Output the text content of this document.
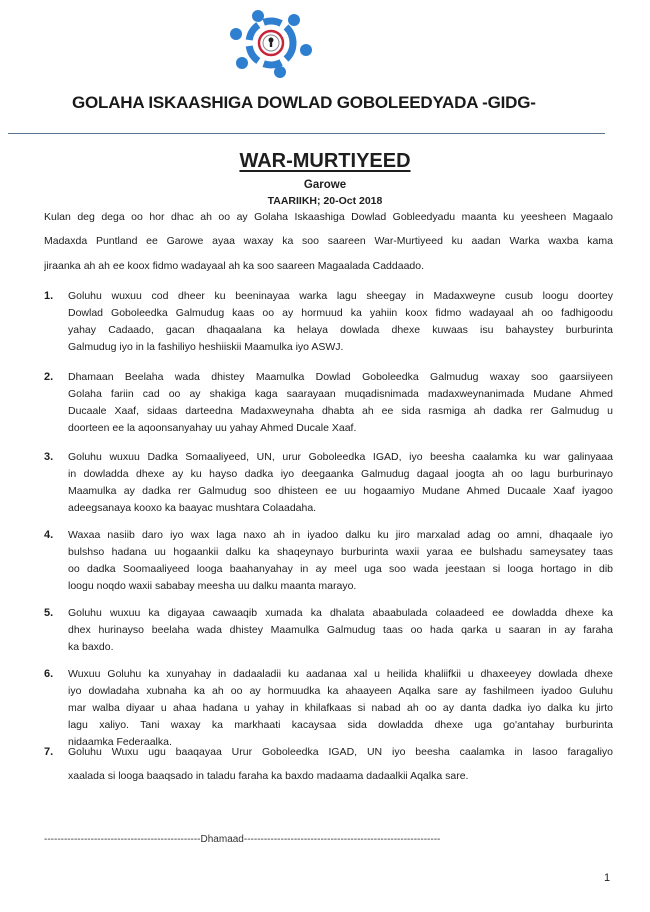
GOLAHA ISKAASHIGA DOWLAD GOBOLEEDYADA -GIDG-
WAR-MURTIYEED
Garowe
TAARIIKH; 20-Oct 2018
Kulan deg dega oo hor dhac ah oo ay Golaha Iskaashiga Dowlad Gobleedyadu maanta ku yeesheen Magaalo
Madaxda Puntland ee Garowe ayaa waxay ka soo saareen War-Murtiyeed ku aadan Warka waxba kama
jiraanka ah ah ee koox fidmo wadayaal ah ka soo saareen Magaalada Caddaado.
1. Goluhu wuxuu cod dheer ku beeninayaa warka lagu sheegay in Madaxweyne cusub loogu doortey
Dowlad Goboleedka Galmudug kaas oo ay hormuud ka yahiin koox fidmo wadayaal ah oo fadhigoodu
yahay Cadaado, gacan dhaqaalana ka helaya dowlada dhexe kuwaas isu bahaystey burburinta
Galmudug iyo in la fashiliyo heshiiskii Maamulka iyo ASWJ.
2. Dhamaan Beelaha wada dhistey Maamulka Dowlad Goboleedka Galmudug waxay soo gaarsiiyeen
Golaha fariin cad oo ay shakiga kaga saarayaan muqadisnimada madaxweynanimada Mudane Ahmed
Ducaale Xaaf, sidaas darteedna Madaxweynaha dhabta ah ee sida rasmiga ah dadka rer Galmudug u
doorteen ee la aqoonsanyahay uu yahay Ahmed Ducale Xaaf.
3. Goluhu wuxuu Dadka Somaaliyeed, UN, urur Goboleedka IGAD, iyo beesha caalamka ku war galinyaaa
in dowladda dhexe ay ku hayso dadka iyo deegaanka Galmudug dagaal joogta ah oo lagu burburinayo
Maamulka ay dadka rer Galmudug soo dhisteen ee uu hogaamiyo Mudane Ahmed Ducaale Xaaf iyagoo
adeegsanaya kooxo ka baayac mushtara Colaadaha.
4. Waxaa nasiib daro iyo wax laga naxo ah in iyadoo dalku ku jiro marxalad adag oo amni, dhaqaale iyo
bulshso hadana uu hogaankii dalku ka shaqeynayo burburinta waxii yaraa ee bulshadu sameysatey taas
oo dadka Soomaaliyeed looga baahanyahay in ay meel uga soo wada jeestaan si looga hortago in dib
loogu noqdo waxii sababay meesha uu dalku maanta marayo.
5. Goluhu wuxuu ka digayaa cawaaqib xumada ka dhalata abaabulada colaadeed ee dowladda dhexe ka
dhex hurinayso beelaha wada dhistey Maamulka Galmudug taas oo hada qarka u saaran in ay faraha
ka baxdo.
6. Wuxuu Goluhu ka xunyahay in dadaaladii ku aadanaa xal u heilida khaliifkii u dhaxeeyey dowlada dhexe
iyo dowladaha xubnaha ka ah oo ay hormuudka ka ahaayeen Aqalka sare ay fashilmeen iyadoo Guluhu
mar walba diyaar u ahaa hadana u yahay in khilafkaas si nabad ah oo ay danta dadka iyo dalka ku jirto
lagu xaliyo. Tani waxay ka markhaati kacaysaa sida dowladda dhexe uga go'antahay burburinta
nidaamka Federaalka.
7. Goluhu Wuxu ugu baaqayaa Urur Goboleedka IGAD, UN iyo beesha caalamka in lasoo faragaliyo
xaalada si looga baaqsado in taladu faraha ka baxdo madaama dadaalkii Aqalka sare.
-----------------------------------------------Dhamaad-----------------------------------------------------------
1
